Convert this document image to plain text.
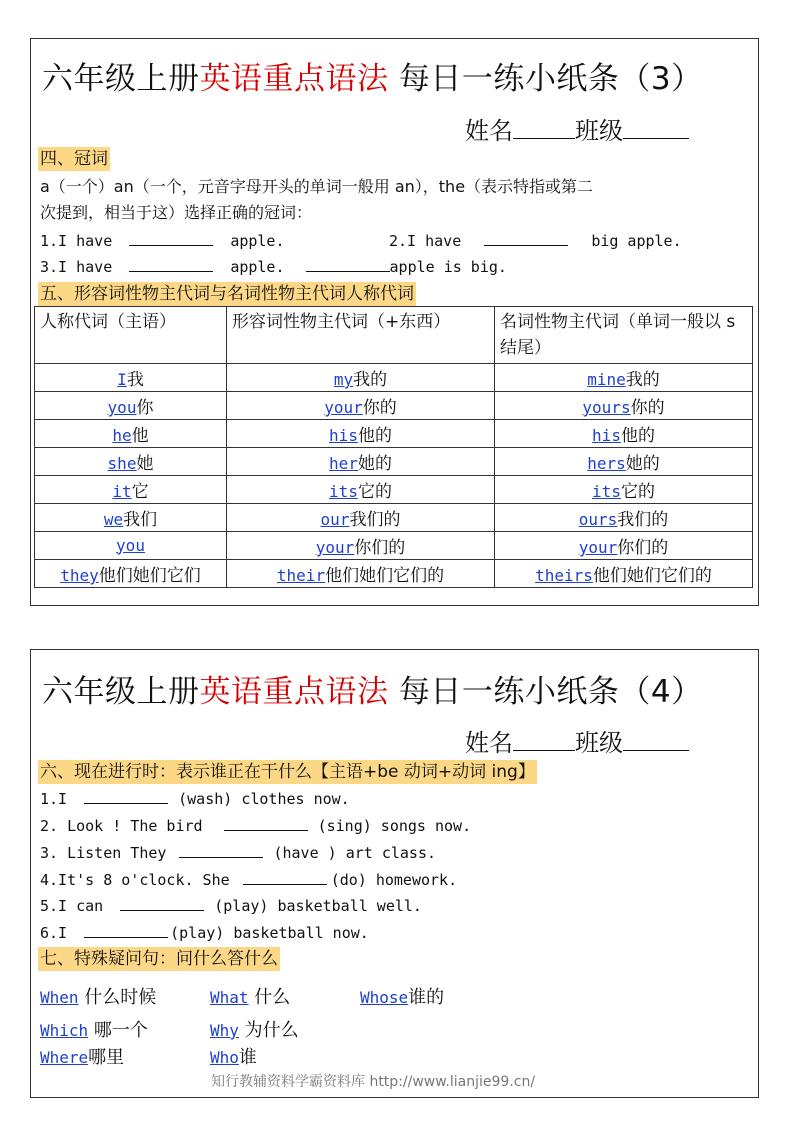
六年级上册英语重点语法 每日一练小纸条（3）
姓名	班级
四、冠词
a（一个）an（一个，元音字母开头的单词一般用 an），the（表示特指或第二
次提到，相当于这）选择正确的冠词：
1.I have	apple.	2.I have	big apple.
3.I have	apple.	apple is big.
五、形容词性物主代词与名词性物主代词人称代词
人称代词（主语）	形容词性物主代词（+东西）	名词性物主代词（单词一般以 s 结尾）
I我	my我的	mine我的
you你	your你的	yours你的
he他	his他的	his他的
she她	her她的	hers她的
it它	its它的	its它的
we我们	our我们的	ours我们的
you	your你们的	your你们的
they他们她们它们	their他们她们它们的	theirs他们她们它们的
六年级上册英语重点语法 每日一练小纸条（4）
姓名	班级
六、现在进行时：表示谁正在干什么【主语+be 动词+动词 ing】
1.I	(wash) clothes now.
2. Look ! The bird	(sing) songs now.
3. Listen They	(have ) art class.
4.It's 8 o'clock. She	(do) homework.
5.I can	(play) basketball well.
6.I	(play) basketball now.
七、特殊疑问句：问什么答什么
When 什么时候	What 什么	Whose谁的
Which 哪一个	Why 为什么
Where哪里	Who谁
知行教辅资料学霸资料库 http://www.lianjie99.cn/
